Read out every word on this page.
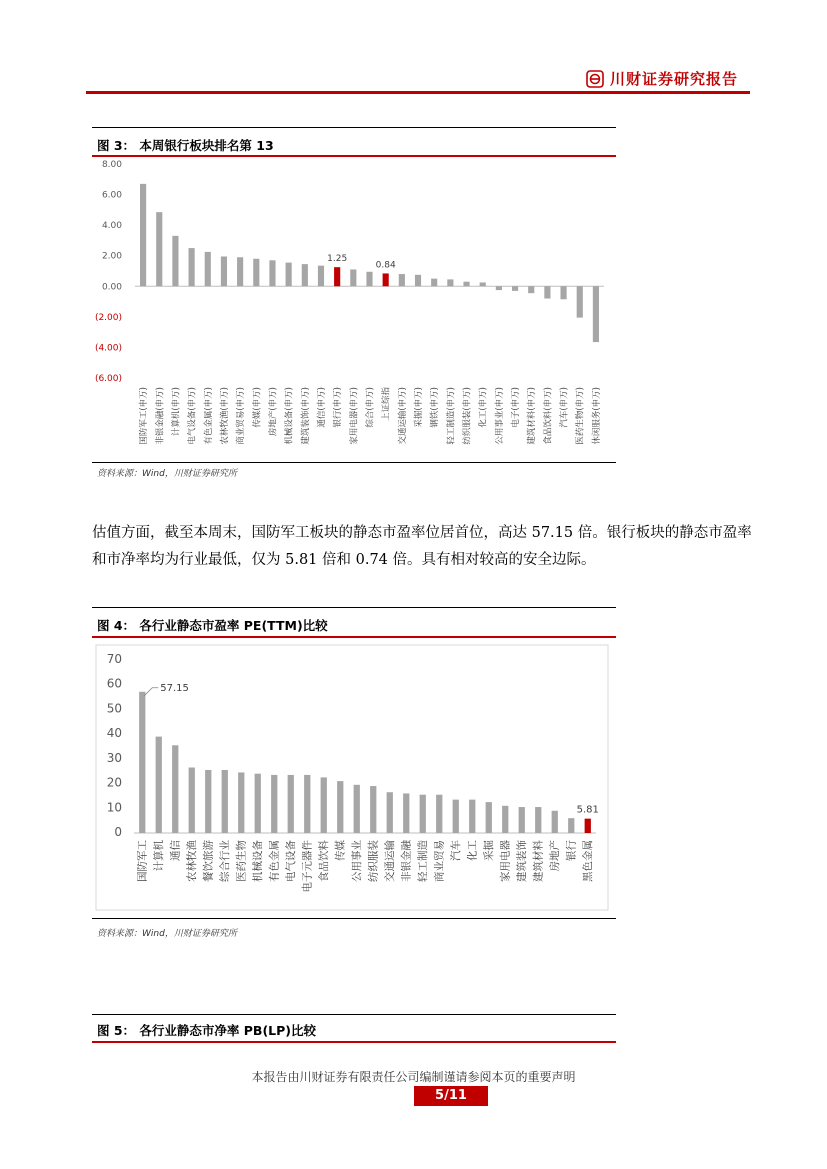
川财证券研究报告
图 3： 本周银行板块排名第 13
8.00
6.00
4.00
2.00
0.00
(2.00)
(4.00)
(6.00)
国防军工(申万) 非银金融(申万) 计算机(申万) 电气设备(申万) 有色金属(申万) 农林牧渔(申万) 商业贸易(申万) 传媒(申万) 房地产(申万) 机械设备(申万) 建筑装饰(申万) 通信(申万) 银行(申万)
1.25
家用电器(申万) 综合(申万) 上证综指
0.84
交通运输(申万) 采掘(申万) 钢铁(申万) 轻工制造(申万) 纺织服装(申万) 化工(申万) 公用事业(申万) 电子(申万) 建筑材料(申万) 食品饮料(申万) 汽车(申万) 医药生物(申万) 休闲服务(申万)
资料来源：Wind，川财证券研究所

估值方面，截至本周末，国防军工板块的静态市盈率位居首位，高达 57.15 倍。银行板块的静态市盈率和市净率均为行业最低，仅为 5.81 倍和 0.74 倍。具有相对较高的安全边际。

图 4： 各行业静态市盈率 PE(TTM)比较
70
60
50
40
30
20
10
0
国防军工
57.15
计算机 通信 农林牧渔 餐饮旅游 综合行业 医药生物 机械设备 有色金属 电气设备 电子元器件 食品饮料 传媒 公用事业 纺织服装 交通运输 非银金融 轻工制造 商业贸易 汽车 化工 采掘 家用电器 建筑装饰 建筑材料 房地产 银行 黑色金属
5.81
资料来源：Wind，川财证券研究所
图 5： 各行业静态市净率 PB(LP)比较
本报告由川财证券有限责任公司编制谨请参阅本页的重要声明
5/11
